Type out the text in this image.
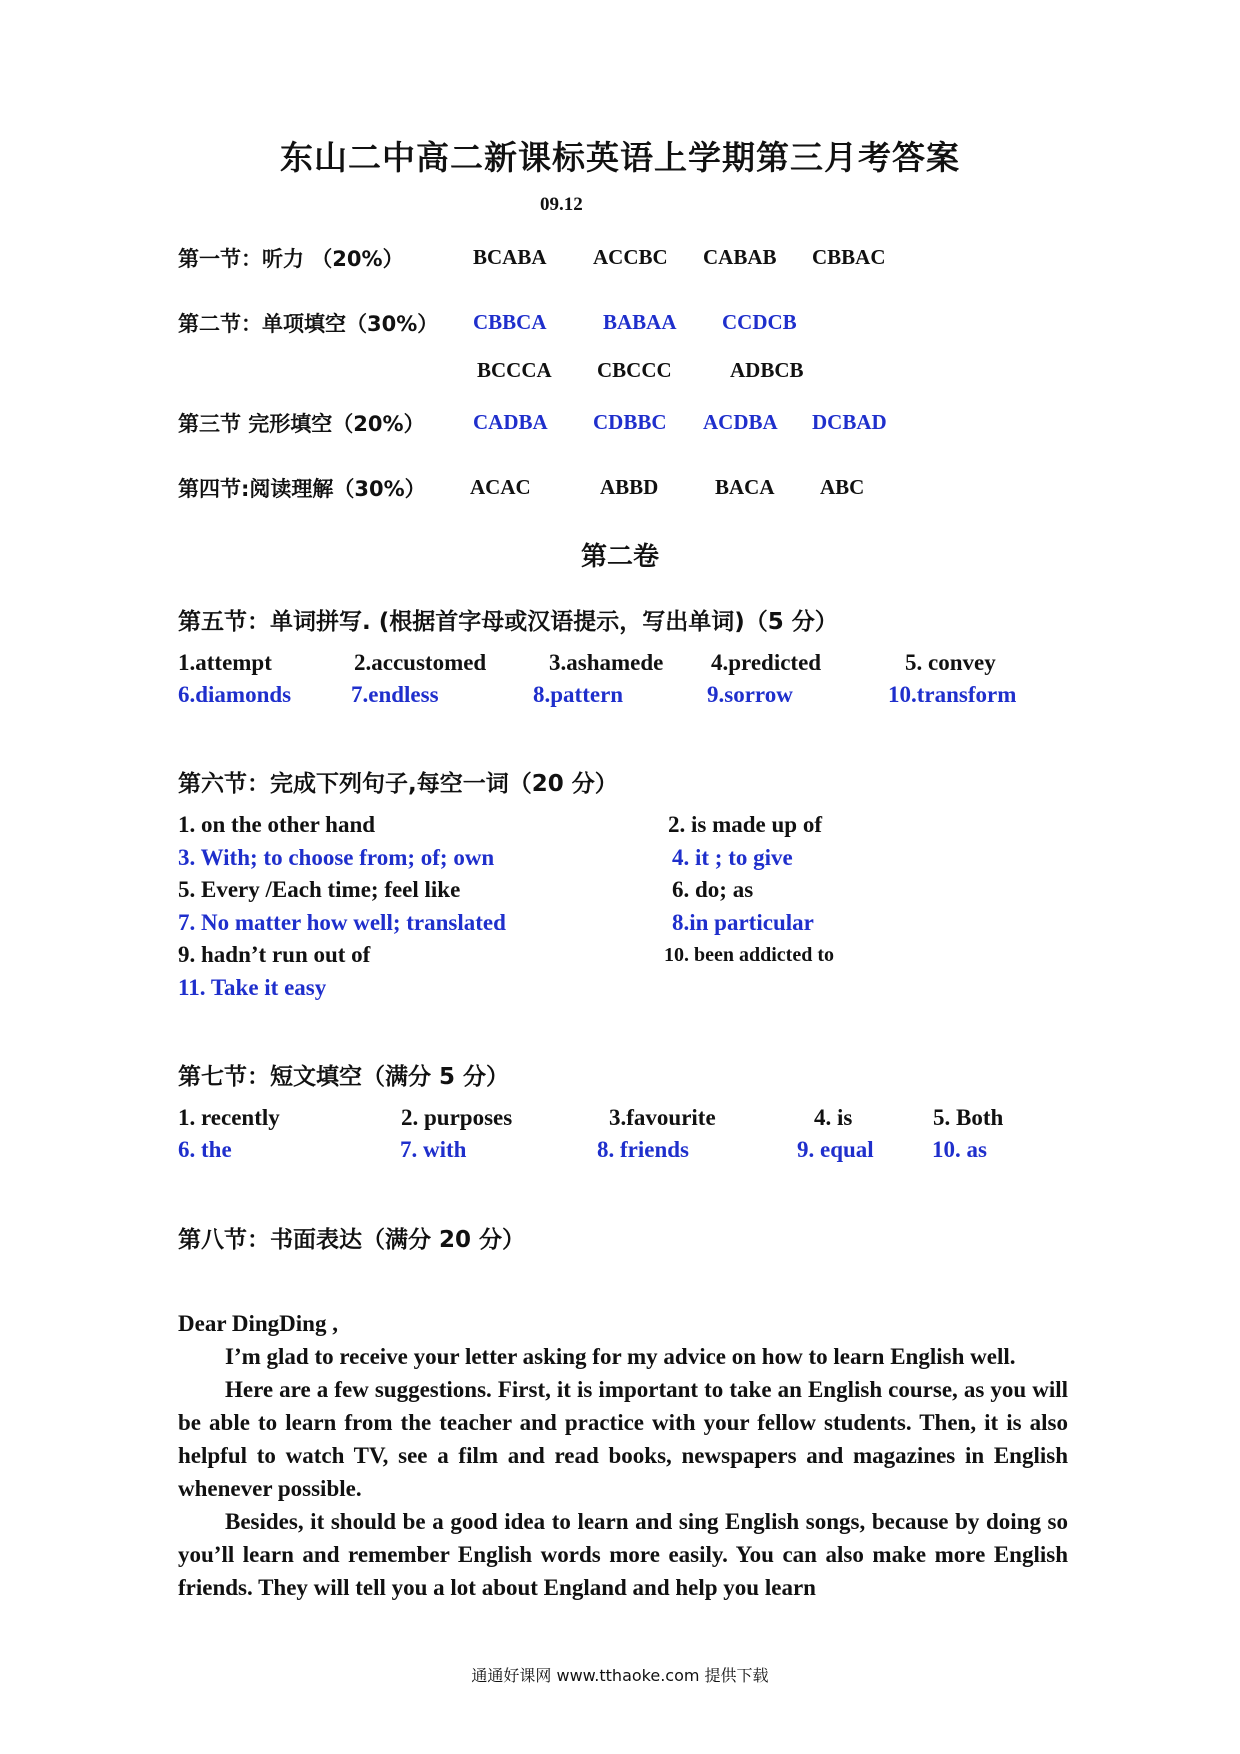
东山二中高二新课标英语上学期第三月考答案
09.12
第一节：听力 （20%）	BCABA ACCBC CABAB CBBAC
第二节：单项填空（30%） CBBCA	BABAA CCDCB
BCCCA CBCCC	ADBCB
第三节 完形填空（20%） CADBA CDBBC ACDBA DCBAD
第四节:阅读理解（30%） ACAC	ABBD	BACA ABC
第二卷
第五节：单词拼写. (根据首字母或汉语提示，写出单词)（5 分）
1.attempt	2.accustomed	3.ashamede 4.predicted	5. convey
6.diamonds	7.endless	8.pattern	9.sorrow	10.transform
第六节：完成下列句子,每空一词（20 分）
1. on the other hand
3. With; to choose from; of; own
5. Every /Each time; feel like
7. No matter how well; translated
9. hadn’t run out of
11. Take it easy
2. is made up of
4. it ; to give
6. do; as
8.in particular
10. been addicted to
第七节：短文填空（满分 5 分）
1. recently	2. purposes	3.favourite	4. is	5. Both
6. the	7. with	8. friends	9. equal	10. as
第八节：书面表达（满分 20 分）

Dear DingDing ,

I’m glad to receive your letter asking for my advice on how to learn English well.

Here are a few suggestions. First, it is important to take an English course, as you will be able to learn from the teacher and practice with your fellow students. Then, it is also helpful to watch TV, see a film and read books, newspapers and magazines in English whenever possible.

Besides, it should be a good idea to learn and sing English songs, because by doing so you’ll learn and remember English words more easily. You can also make more English friends. They will tell you a lot about England and help you learn

通通好课网 www.tthaoke.com 提供下载
